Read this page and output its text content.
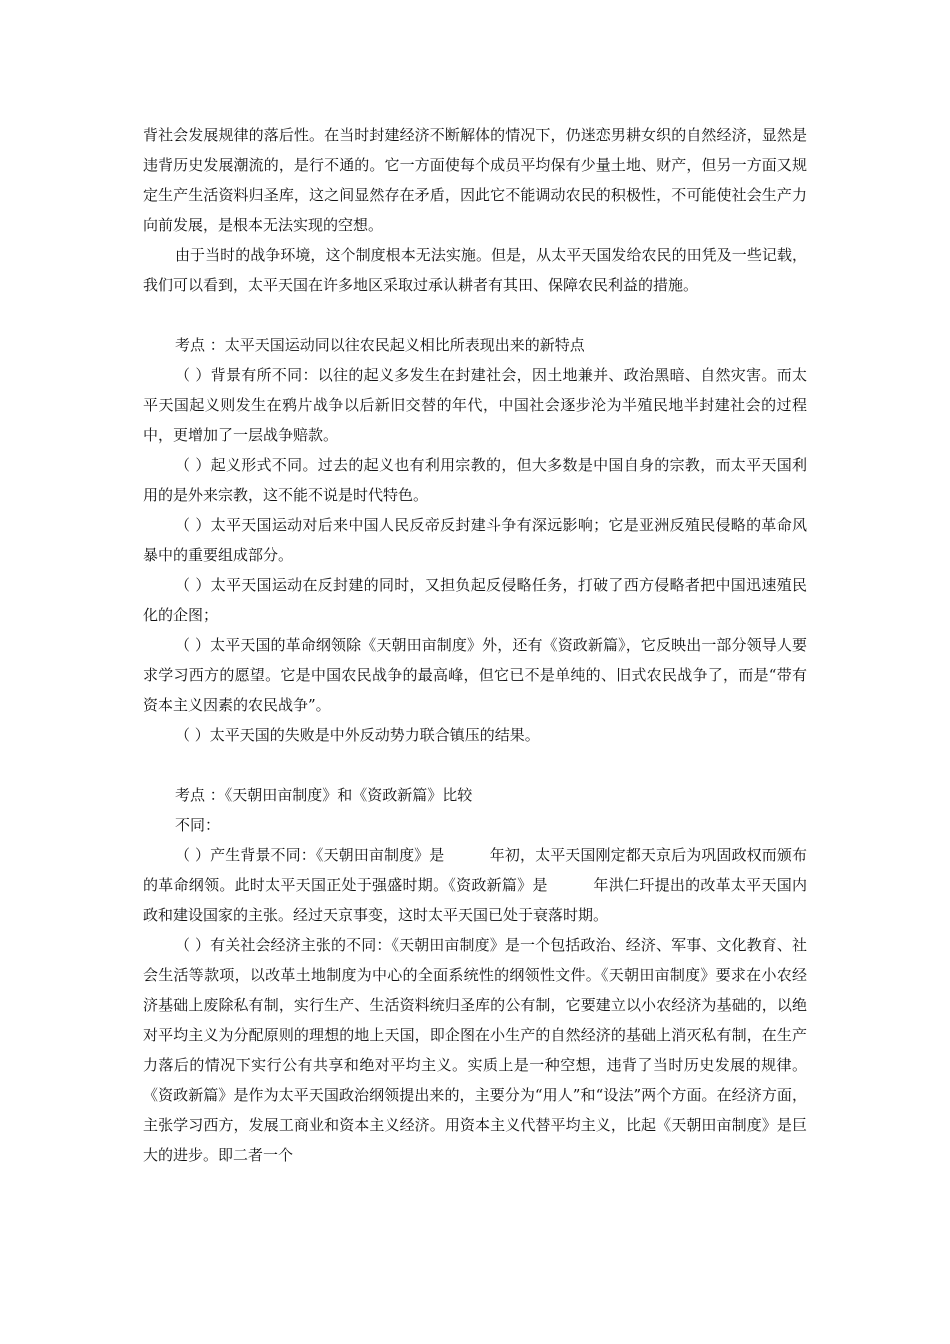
背社会发展规律的落后性。在当时封建经济不断解体的情况下，仍迷恋男耕女织的自然经济，显然是违背历史发展潮流的，是行不通的。它一方面使每个成员平均保有少量土地、财产，但另一方面又规定生产生活资料归圣库，这之间显然存在矛盾，因此它不能调动农民的积极性，不可能使社会生产力向前发展，是根本无法实现的空想。

由于当时的战争环境，这个制度根本无法实施。但是，从太平天国发给农民的田凭及一些记载，我们可以看到，太平天国在许多地区采取过承认耕者有其田、保障农民利益的措施。

考点 ：太平天国运动同以往农民起义相比所表现出来的新特点

（ ）背景有所不同：以往的起义多发生在封建社会，因土地兼并、政治黑暗、自然灾害。而太平天国起义则发生在鸦片战争以后新旧交替的年代，中国社会逐步沦为半殖民地半封建社会的过程中，更增加了一层战争赔款。

（ ）起义形式不同。过去的起义也有利用宗教的，但大多数是中国自身的宗教，而太平天国利用的是外来宗教，这不能不说是时代特色。

（ ）太平天国运动对后来中国人民反帝反封建斗争有深远影响；它是亚洲反殖民侵略的革命风暴中的重要组成部分。

（ ）太平天国运动在反封建的同时，又担负起反侵略任务，打破了西方侵略者把中国迅速殖民化的企图；

（ ）太平天国的革命纲领除《天朝田亩制度》外，还有《资政新篇》，它反映出一部分领导人要求学习西方的愿望。它是中国农民战争的最高峰，但它已不是单纯的、旧式农民战争了，而是“带有资本主义因素的农民战争”。

（ ）太平天国的失败是中外反动势力联合镇压的结果。

考点 ：《天朝田亩制度》和《资政新篇》比较

不同：

（ ）产生背景不同：《天朝田亩制度》是　　　年初，太平天国刚定都天京后为巩固政权而颁布的革命纲领。此时太平天国正处于强盛时期。《资政新篇》是　　　年洪仁玕提出的改革太平天国内政和建设国家的主张。经过天京事变，这时太平天国已处于衰落时期。

（ ）有关社会经济主张的不同：《天朝田亩制度》是一个包括政治、经济、军事、文化教育、社会生活等款项，以改革土地制度为中心的全面系统性的纲领性文件。《天朝田亩制度》要求在小农经济基础上废除私有制，实行生产、生活资料统归圣库的公有制，它要建立以小农经济为基础的，以绝对平均主义为分配原则的理想的地上天国，即企图在小生产的自然经济的基础上消灭私有制，在生产力落后的情况下实行公有共享和绝对平均主义。实质上是一种空想，违背了当时历史发展的规律。《资政新篇》是作为太平天国政治纲领提出来的，主要分为“用人”和“设法”两个方面。在经济方面，主张学习西方，发展工商业和资本主义经济。用资本主义代替平均主义，比起《天朝田亩制度》是巨大的进步。即二者一个
